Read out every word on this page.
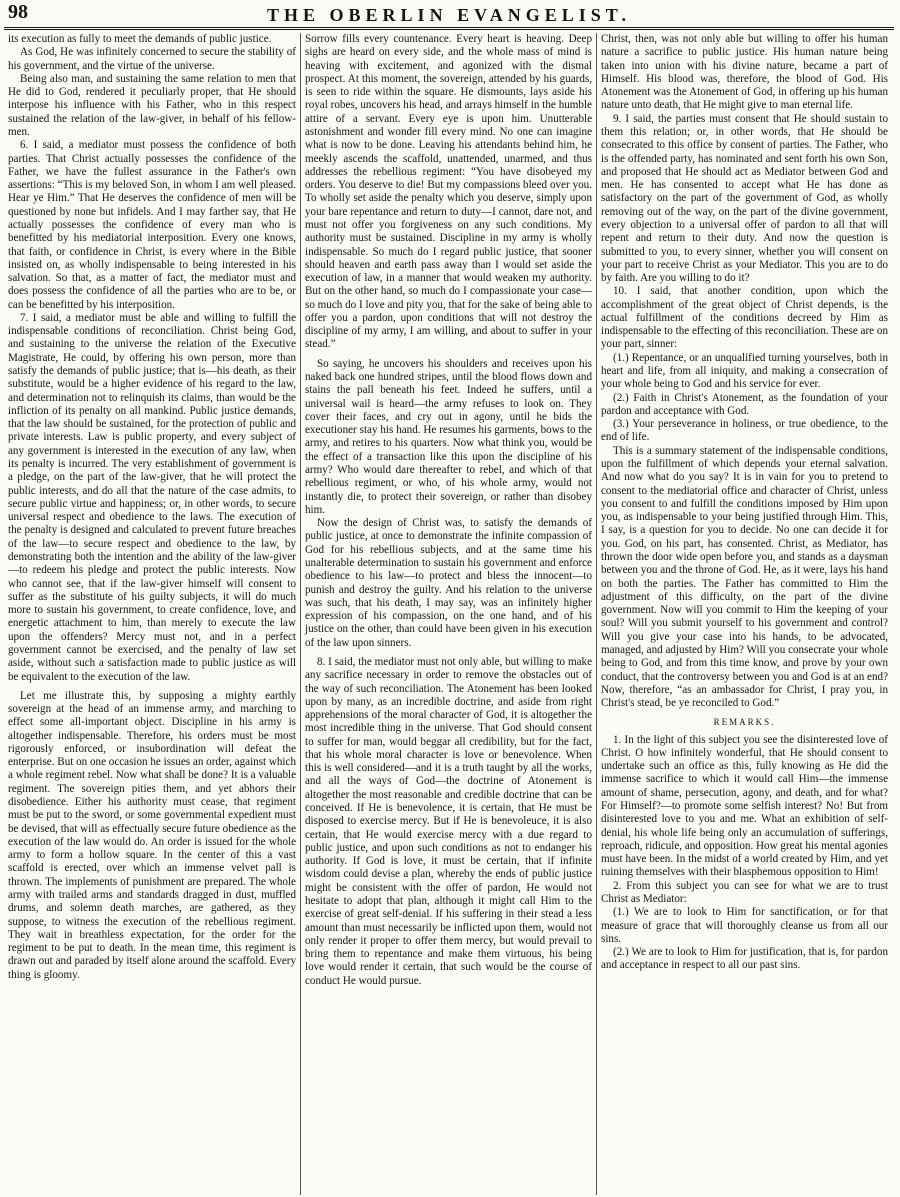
98	THE OBERLIN EVANGELIST.

its execution as fully to meet the demands of public justice.

As God, He was infinitely concerned to secure the stability of his government, and the virtue of the universe.

Being also man, and sustaining the same relation to men that He did to God, rendered it peculiarly proper, that He should interpose his influence with his Father, who in this respect sustained the relation of the law-giver, in behalf of his fellow-men.

6. I said, a mediator must possess the confidence of both parties. That Christ actually possesses the confidence of the Father, we have the fullest assurance in the Father's own assertions: “This is my beloved Son, in whom I am well pleased. Hear ye Him.” That He deserves the confidence of men will be questioned by none but infidels. And I may farther say, that He actually possesses the confidence of every man who is benefitted by his mediatorial interposition. Every one knows, that faith, or confidence in Christ, is every where in the Bible insisted on, as wholly indispensable to being interested in his salvation. So that, as a matter of fact, the mediator must and does possess the confidence of all the parties who are to be, or can be benefitted by his interposition.

7. I said, a mediator must be able and willing to fulfill the indispensable conditions of reconciliation. Christ being God, and sustaining to the universe the relation of the Executive Magistrate, He could, by offering his own person, more than satisfy the demands of public justice; that is—his death, as their substitute, would be a higher evidence of his regard to the law, and determination not to relinquish its claims, than would be the infliction of its penalty on all mankind. Public justice demands, that the law should be sustained, for the protection of public and private interests. Law is public property, and every subject of any government is interested in the execution of any law, when its penalty is incurred. The very establishment of government is a pledge, on the part of the law-giver, that he will protect the public interests, and do all that the nature of the case admits, to secure public virtue and happiness; or, in other words, to secure universal respect and obedience to the laws. The execution of the penalty is designed and calculated to prevent future breaches of the law—to secure respect and obedience to the law, by demonstrating both the intention and the ability of the law-giver—to redeem his pledge and protect the public interests. Now who cannot see, that if the law-giver himself will consent to suffer as the substitute of his guilty subjects, it will do much more to sustain his government, to create confidence, love, and energetic attachment to him, than merely to execute the law upon the offenders? Mercy must not, and in a perfect government cannot be exercised, and the penalty of law set aside, without such a satisfaction made to public justice as will be equivalent to the execution of the law.

Let me illustrate this, by supposing a mighty earthly sovereign at the head of an immense army, and marching to effect some all-important object. Discipline in his army is altogether indispensable. Therefore, his orders must be most rigorously enforced, or insubordination will defeat the enterprise. But on one occasion he issues an order, against which a whole regiment rebel. Now what shall be done? It is a valuable regiment. The sovereign pities them, and yet abhors their disobedience. Either his authority must cease, that regiment must be put to the sword, or some governmental expedient must be devised, that will as effectually secure future obedience as the execution of the law would do. An order is issued for the whole army to form a hollow square. In the center of this a vast scaffold is erected, over which an immense velvet pall is thrown. The implements of punishment are prepared. The whole army with trailed arms and standards dragged in dust, muffled drums, and solemn death marches, are gathered, as they suppose, to witness the execution of the rebellious regiment. They wait in breathless expectation, for the order for the regiment to be put to death. In the mean time, this regiment is drawn out and paraded by itself alone around the scaffold. Every thing is gloomy.

Sorrow fills every countenance. Every heart is heaving. Deep sighs are heard on every side, and the whole mass of mind is heaving with excitement, and agonized with the dismal prospect. At this moment, the sovereign, attended by his guards, is seen to ride within the square. He dismounts, lays aside his royal robes, uncovers his head, and arrays himself in the humble attire of a servant. Every eye is upon him. Unutterable astonishment and wonder fill every mind. No one can imagine what is now to be done. Leaving his attendants behind him, he meekly ascends the scaffold, unattended, unarmed, and thus addresses the rebellious regiment: “You have disobeyed my orders. You deserve to die! But my compassions bleed over you. To wholly set aside the penalty which you deserve, simply upon your bare repentance and return to duty—I cannot, dare not, and must not offer you forgiveness on any such conditions. My authority must be sustained. Discipline in my army is wholly indispensable. So much do I regard public justice, that sooner should heaven and earth pass away than I would set aside the execution of law, in a manner that would weaken my authority. But on the other hand, so much do I compassionate your case—so much do I love and pity you, that for the sake of being able to offer you a pardon, upon conditions that will not destroy the discipline of my army, I am willing, and about to suffer in your stead.”

So saying, he uncovers his shoulders and receives upon his naked back one hundred stripes, until the blood flows down and stains the pall beneath his feet. Indeed he suffers, until a universal wail is heard—the army refuses to look on. They cover their faces, and cry out in agony, until he bids the executioner stay his hand. He resumes his garments, bows to the army, and retires to his quarters. Now what think you, would be the effect of a transaction like this upon the discipline of his army? Who would dare thereafter to rebel, and which of that rebellious regiment, or who, of his whole army, would not instantly die, to protect their sovereign, or rather than disobey him.

Now the design of Christ was, to satisfy the demands of public justice, at once to demonstrate the infinite compassion of God for his rebellious subjects, and at the same time his unalterable determination to sustain his government and enforce obedience to his law—to protect and bless the innocent—to punish and destroy the guilty. And his relation to the universe was such, that his death, I may say, was an infinitely higher expression of his compassion, on the one hand, and of his justice on the other, than could have been given in his execution of the law upon sinners.

8. I said, the mediator must not only able, but willing to make any sacrifice necessary in order to remove the obstacles out of the way of such reconciliation. The Atonement has been looked upon by many, as an incredible doctrine, and aside from right apprehensions of the moral character of God, it is altogether the most incredible thing in the universe. That God should consent to suffer for man, would beggar all credibility, but for the fact, that his whole moral character is love or benevolence. When this is well considered—and it is a truth taught by all the works, and all the ways of God—the doctrine of Atonement is altogether the most reasonable and credible doctrine that can be conceived. If He is benevolence, it is certain, that He must be disposed to exercise mercy. But if He is benevoleuce, it is also certain, that He would exercise mercy with a due regard to public justice, and upon such conditions as not to endanger his authority. If God is love, it must be certain, that if infinite wisdom could devise a plan, whereby the ends of public justice might be consistent with the offer of pardon, He would not hesitate to adopt that plan, although it might call Him to the exercise of great self-denial. If his suffering in their stead a less amount than must necessarily be inflicted upon them, would not only render it proper to offer them mercy, but would prevail to bring them to repentance and make them virtuous, his being love would render it certain, that such would be the course of conduct He would pursue.

Christ, then, was not only able but willing to offer his human nature a sacrifice to public justice. His human nature being taken into union with his divine nature, became a part of Himself. His blood was, therefore, the blood of God. His Atonement was the Atonement of God, in offering up his human nature unto death, that He might give to man eternal life.

9. I said, the parties must consent that He should sustain to them this relation; or, in other words, that He should be consecrated to this office by consent of parties. The Father, who is the offended party, has nominated and sent forth his own Son, and proposed that He should act as Mediator between God and men. He has consented to accept what He has done as satisfactory on the part of the government of God, as wholly removing out of the way, on the part of the divine government, every objection to a universal offer of pardon to all that will repent and return to their duty. And now the question is submitted to you, to every sinner, whether you will consent on your part to receive Christ as your Mediator. This you are to do by faith. Are you willing to do it?

10. I said, that another condition, upon which the accomplishment of the great object of Christ depends, is the actual fulfillment of the conditions decreed by Him as indispensable to the effecting of this reconciliation. These are on your part, sinner:

(1.) Repentance, or an unqualified turning yourselves, both in heart and life, from all iniquity, and making a consecration of your whole being to God and his service for ever.

(2.) Faith in Christ's Atonement, as the foundation of your pardon and acceptance with God.

(3.) Your perseverance in holiness, or true obedience, to the end of life.

This is a summary statement of the indispensable conditions, upon the fulfillment of which depends your eternal salvation. And now what do you say? It is in vain for you to pretend to consent to the mediatorial office and character of Christ, unless you consent to and fulfill the conditions imposed by Him upon you, as indispensable to your being justified through Him. This, I say, is a question for you to decide. No one can decide it for you. God, on his part, has consented. Christ, as Mediator, has thrown the door wide open before you, and stands as a daysman between you and the throne of God. He, as it were, lays his hand on both the parties. The Father has committed to Him the adjustment of this difficulty, on the part of the divine government. Now will you commit to Him the keeping of your soul? Will you submit yourself to his government and control? Will you give your case into his hands, to be advocated, managed, and adjusted by Him? Will you consecrate your whole being to God, and from this time know, and prove by your own conduct, that the controversy between you and God is at an end? Now, therefore, “as an ambassador for Christ, I pray you, in Christ's stead, be ye reconciled to God.”

REMARKS.

1. In the light of this subject you see the disinterested love of Christ. O how infinitely wonderful, that He should consent to undertake such an office as this, fully knowing as He did the immense sacrifice to which it would call Him—the immense amount of shame, persecution, agony, and death, and for what? For Himself?—to promote some selfish interest? No! But from disinterested love to you and me. What an exhibition of self-denial, his whole life being only an accumulation of sufferings, reproach, ridicule, and opposition. How great his mental agonies must have been. In the midst of a world created by Him, and yet ruining themselves with their blasphemous opposition to Him!

2. From this subject you can see for what we are to trust Christ as Mediator:

(1.) We are to look to Him for sanctification, or for that measure of grace that will thoroughly cleanse us from all our sins.

(2.) We are to look to Him for justification, that is, for pardon and acceptance in respect to all our past sins.
